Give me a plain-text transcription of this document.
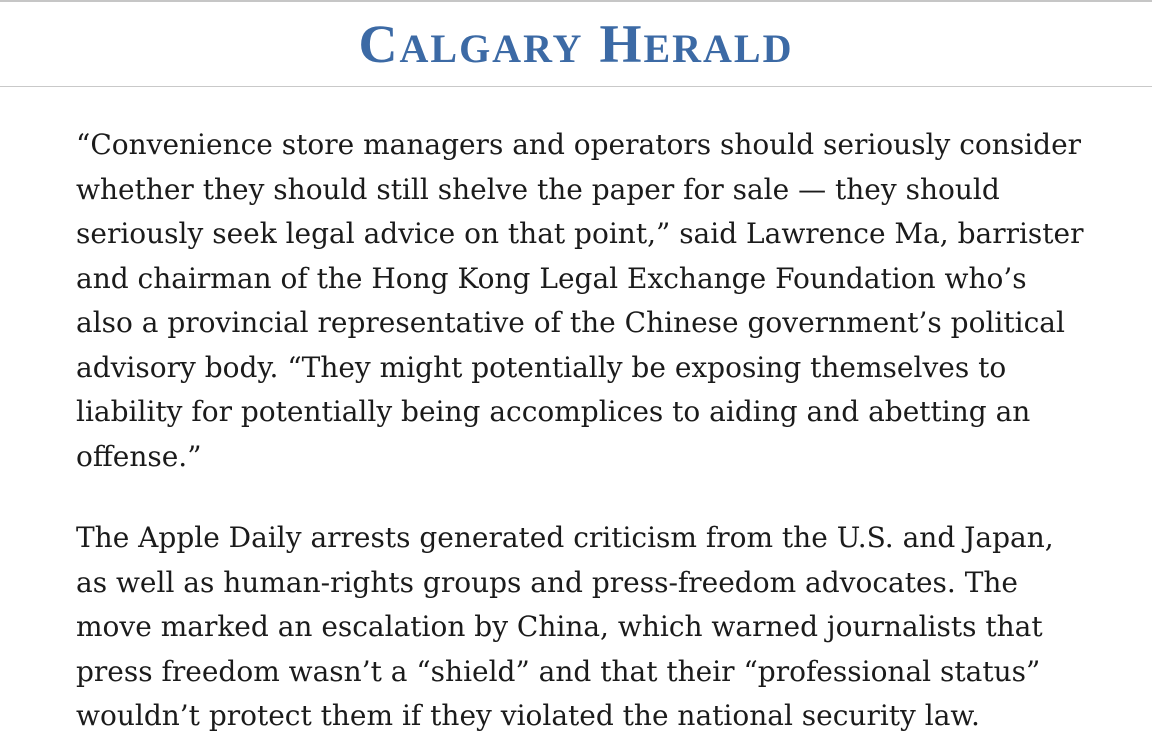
CALGARY HERALD

“Convenience store managers and operators should seriously consider whether they should still shelve the paper for sale — they should seriously seek legal advice on that point,” said Lawrence Ma, barrister and chairman of the Hong Kong Legal Exchange Foundation who’s also a provincial representative of the Chinese government’s political advisory body. “They might potentially be exposing themselves to liability for potentially being accomplices to aiding and abetting an offense.”

The Apple Daily arrests generated criticism from the U.S. and Japan, as well as human-rights groups and press-freedom advocates. The move marked an escalation by China, which warned journalists that press freedom wasn’t a “shield” and that their “professional status” wouldn’t protect them if they violated the national security law.
